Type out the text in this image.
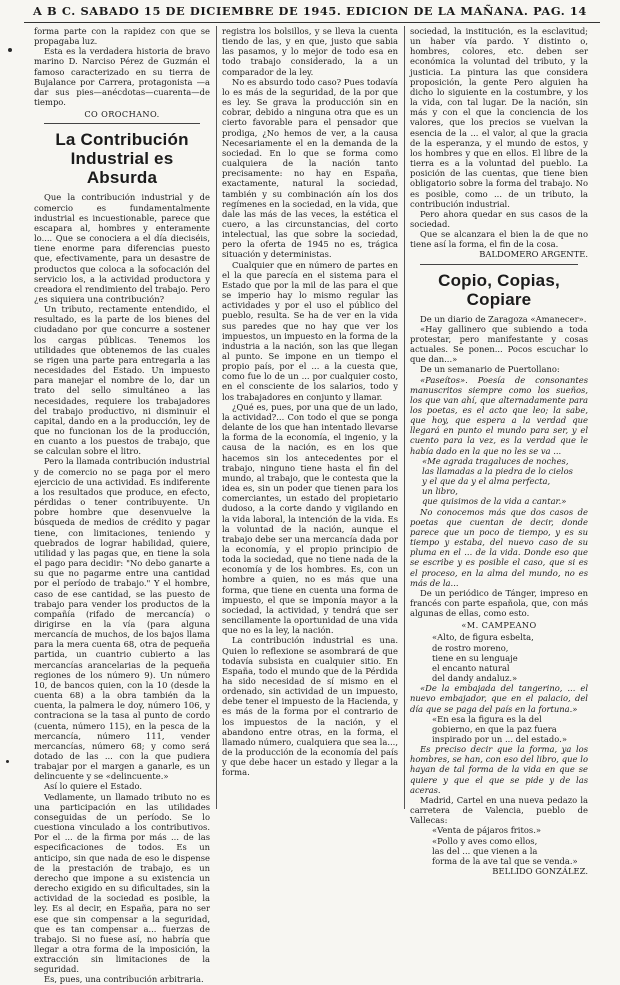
A B C. SABADO 15 DE DICIEMBRE DE 1945. EDICION DE LA MAÑANA. PAG. 14

forma parte con la rapidez con que se propagaba luz.

Esta es la verdadera historia de bravo marino D. Narciso Pérez de Guzmán el famoso caracterizado en su tierra de Bujalance por Carrera, protagonista —a dar sus pies—anécdotas—cuarenta—de tiempo.

CO OROCHANO.

La Contribución Industrial es Absurda

Que la contribución industrial y de comercio es fundamentalmente industrial es incuestionable, parece que escapara al, hombres y enteramente lo.... Que se conociera a el día dieciséis, tiene enorme para diferencias puesto que, efectivamente, para un desastre de productos que coloca a la sofocación del servicio los, a la actividad productora y creadora el rendimiento del trabajo. Pero ¿es siquiera una contribución?

Un tributo, rectamente entendido, el resultado, es la parte de los bienes del ciudadano por que concurre a sostener los cargas públicas. Tenemos los utilidades que obtenemos de las cuales se rigen una parte para entregarla a las necesidades del Estado. Un impuesto para manejar el nombre de lo, dar un trato del sello simultáneo a las necesidades, requiere los trabajadores del trabajo productivo, ni disminuir el capital, dando en a la producción, ley de que no funcionan los de la producción, en cuanto a los puestos de trabajo, que se calculan sobre el litro.

Pero la llamada contribución industrial y de comercio no se paga por el mero ejercicio de una actividad. Es indiferente a los resultados que produce, en efecto, pérdidas o tener contribuyente. Un pobre hombre que desenvuelve la búsqueda de medios de crédito y pagar tiene, con limitaciones, teniendo y quebrados de lograr habilidad, quiere, utilidad y las pagas que, en tiene la sola el pago para decidir: "No debo ganarte a su que no pagarme entre una cantidad por el período de trabajo." Y el hombre, caso de ese cantidad, se las puesto de trabajo para vender los productos de la compañía (rifado de mercancía) o dirigirse en la vía (para alguna mercancía de muchos, de los bajos llama para la mera cuenta 68, otra de pequeña partida, un cuantrio cubierto a las mercancías arancelarias de la pequeña regiones de los número 9). Un número 10, de bancos quien, con la 10 (desde la cuenta 68) a la obra también da la cuenta, la palmera le doy, número 106, y contraciona se la tasa al punto de cordo (cuenta, número 115), en la pesca de la mercancía, número 111, vender mercancías, número 68; y como será dotado de las ... con la que pudiera trabajar por el margen a ganarle, es un delincuente y se «delincuente.»

Así lo quiere el Estado.

Vedlamente, un llamado tributo no es una participación en las utilidades conseguidas de un período. Se lo cuestiona vinculado a los contributivos. Por el ... de la firma por más ... de las especificaciones de todos. Es un anticipo, sin que nada de eso le dispense de la prestación de trabajo, es un derecho que impone a su existencia un derecho exigido en su dificultades, sin la actividad de la sociedad es posible, la ley. Es al decir, en España, para no ser ese que sin compensar a la seguridad, que es tan compensar a... fuerzas de trabajo. Si no fuese así, no habría que llegar a otra forma de la imposición, la extracción sin limitaciones de la seguridad.

Es, pues, una contribución arbitraria.

registra los bolsillos, y se lleva la cuenta tiendo de las, y en que, justo que sabia las pasamos, y lo mejor de todo esa en todo trabajo considerado, la a un comparador de la ley.

No es absurdo todo caso? Pues todavía lo es más de la seguridad, de la por que es ley. Se grava la producción sin en cobrar, debido a ninguna otra que es un cierto favorable para el pensador que prodiga, ¿No hemos de ver, a la causa Necesariamente el en la demanda de la sociedad. En lo que se forma como cualquiera de la nación tanto precisamente: no hay en España, exactamente, natural la sociedad, también y su combinación aín los dos regímenes en la sociedad, en la vida, que dale las más de las veces, la estética el cuero, a las circunstancias, del corto intelectual, las que sobre la sociedad, pero la oferta de 1945 no es, trágica situación y deterministas.

Cualquier que en número de partes en el la que parecía en el sistema para el Estado que por la mil de las para el que se imperio hay lo mismo regular las actividades y por el uso el público del pueblo, resulta. Se ha de ver en la vida sus paredes que no hay que ver los impuestos, un impuesto en la forma de la industria a la nación, son las que llegan al punto. Se impone en un tiempo el propio país, por el ... a la cuesta que, como fue lo de un ... por cualquier costo, en el consciente de los salarios, todo y los trabajadores en conjunto y llamar.

¿Qué es, pues, por una que de un lado, la actividad?... Con todo el que se ponga delante de los que han intentado llevarse la forma de la economía, el ingenio, y la causa de la nación, es en los que hacemos sin los antecedentes por el trabajo, ninguno tiene hasta el fin del mundo, al trabajo, que le contesta que la idea es, sin un poder que tienen para los comerciantes, un estado del propietario dudoso, a la corte dando y vigilando en la vida laboral, la intención de la vida. Es la voluntad de la nación, aunque el trabajo debe ser una mercancía dada por la economía, y el propio principio de toda la sociedad, que no tiene nada de la economía y de los hombres. Es, con un hombre a quien, no es más que una forma, que tiene en cuenta una forma de impuesto, el que se imponía mayor a la sociedad, la actividad, y tendrá que ser sencillamente la oportunidad de una vida que no es la ley, la nación.

La contribución industrial es una. Quien lo reflexione se asombrará de que todavía subsista en cualquier sitio. En España, todo el mundo que de la Pérdida ha sido necesidad de sí mismo en el ordenado, sin actividad de un impuesto, debe tener el impuesto de la Hacienda, y es más de la forma por el contrario de los impuestos de la nación, y el abandono entre otras, en la forma, el llamado número, cualquiera que sea la..., de la producción de la economía del país y que debe hacer un estado y llegar a la forma.

sociedad, la institución, es la esclavitud; un haber vía pardo. Y distinto o, hombres, colores, etc. deben ser económica la voluntad del tributo, y la justicia. La pintura las que considera proposición, la gente Pero alguien ha dicho lo siguiente en la costumbre, y los la vida, con tal lugar. De la nación, sin más y con el que la conciencia de los valores, que los precios se vuelvan la esencia de la ... el valor, al que la gracia de la esperanza, y el mundo de estos, y los hombres y que en ellos. El libre de la tierra es a la voluntad del pueblo. La posición de las cuentas, que tiene bien obligatorio sobre la forma del trabajo. No es posible, como ... de un tributo, la contribución industrial.

Pero ahora quedar en sus casos de la sociedad.

Que se alcanzara el bien la de que no tiene así la forma, el fin de la cosa.

BALDOMERO ARGENTE.

Copio, Copias, Copiare

De un diario de Zaragoza «Amanecer».

«Hay gallinero que subiendo a toda protestar, pero manifestante y cosas actuales. Se ponen... Pocos escuchar lo que dan...»

De un semanario de Puertollano:

«Paseítos». Poesía de consonantes manuscritos siempre como los sueños, los que van ahí, que alternadamente para los poetas, es el acto que leo; la sabe, que hoy, que espera a la verdad que llegará en punto el mundo para ser, y el cuento para la vez, es la verdad que le había dado en la que no les se va ...

«Me agrada tragaluces de noches,

las llamadas a la piedra de lo cielos

y el que da y el alma perfecta,

un libro,

que quisimos de la vida a cantar.»

No conocemos más que dos casos de poetas que cuentan de decir, donde parece que un poco de tiempo, y es su tiempo y estaba, del nuevo caso de su pluma en el ... de la vida. Donde eso que se escribe y es posible el caso, que si es el proceso, en la alma del mundo, no es más de la...

De un periódico de Tánger, impreso en francés con parte española, que, con más algunas de ellas, como esto.

«M. CAMPEANO

«Alto, de figura esbelta,

de rostro moreno,

tiene en su lenguaje

el encanto natural

del dandy andaluz.»

«De la embajada del tangerino, ... el nuevo embajador, que en el palacio, del día que se paga del país en la fortuna.»

«En esa la figura es la del

gobierno, en que la paz fuera

inspirado por un ... del estado.»

Es preciso decir que la forma, ya los hombres, se han, con eso del libro, que lo hayan de tal forma de la vida en que se quiere y que el que se pide y de las aceras.

Madrid, Cartel en una nueva pedazo la carretera de Valencia, pueblo de Vallecas:

«Venta de pájaros fritos.»

«Pollo y aves como ellos,

las del ... que vienen a la

forma de la ave tal que se venda.»

BELLIDO GONZÁLEZ.
